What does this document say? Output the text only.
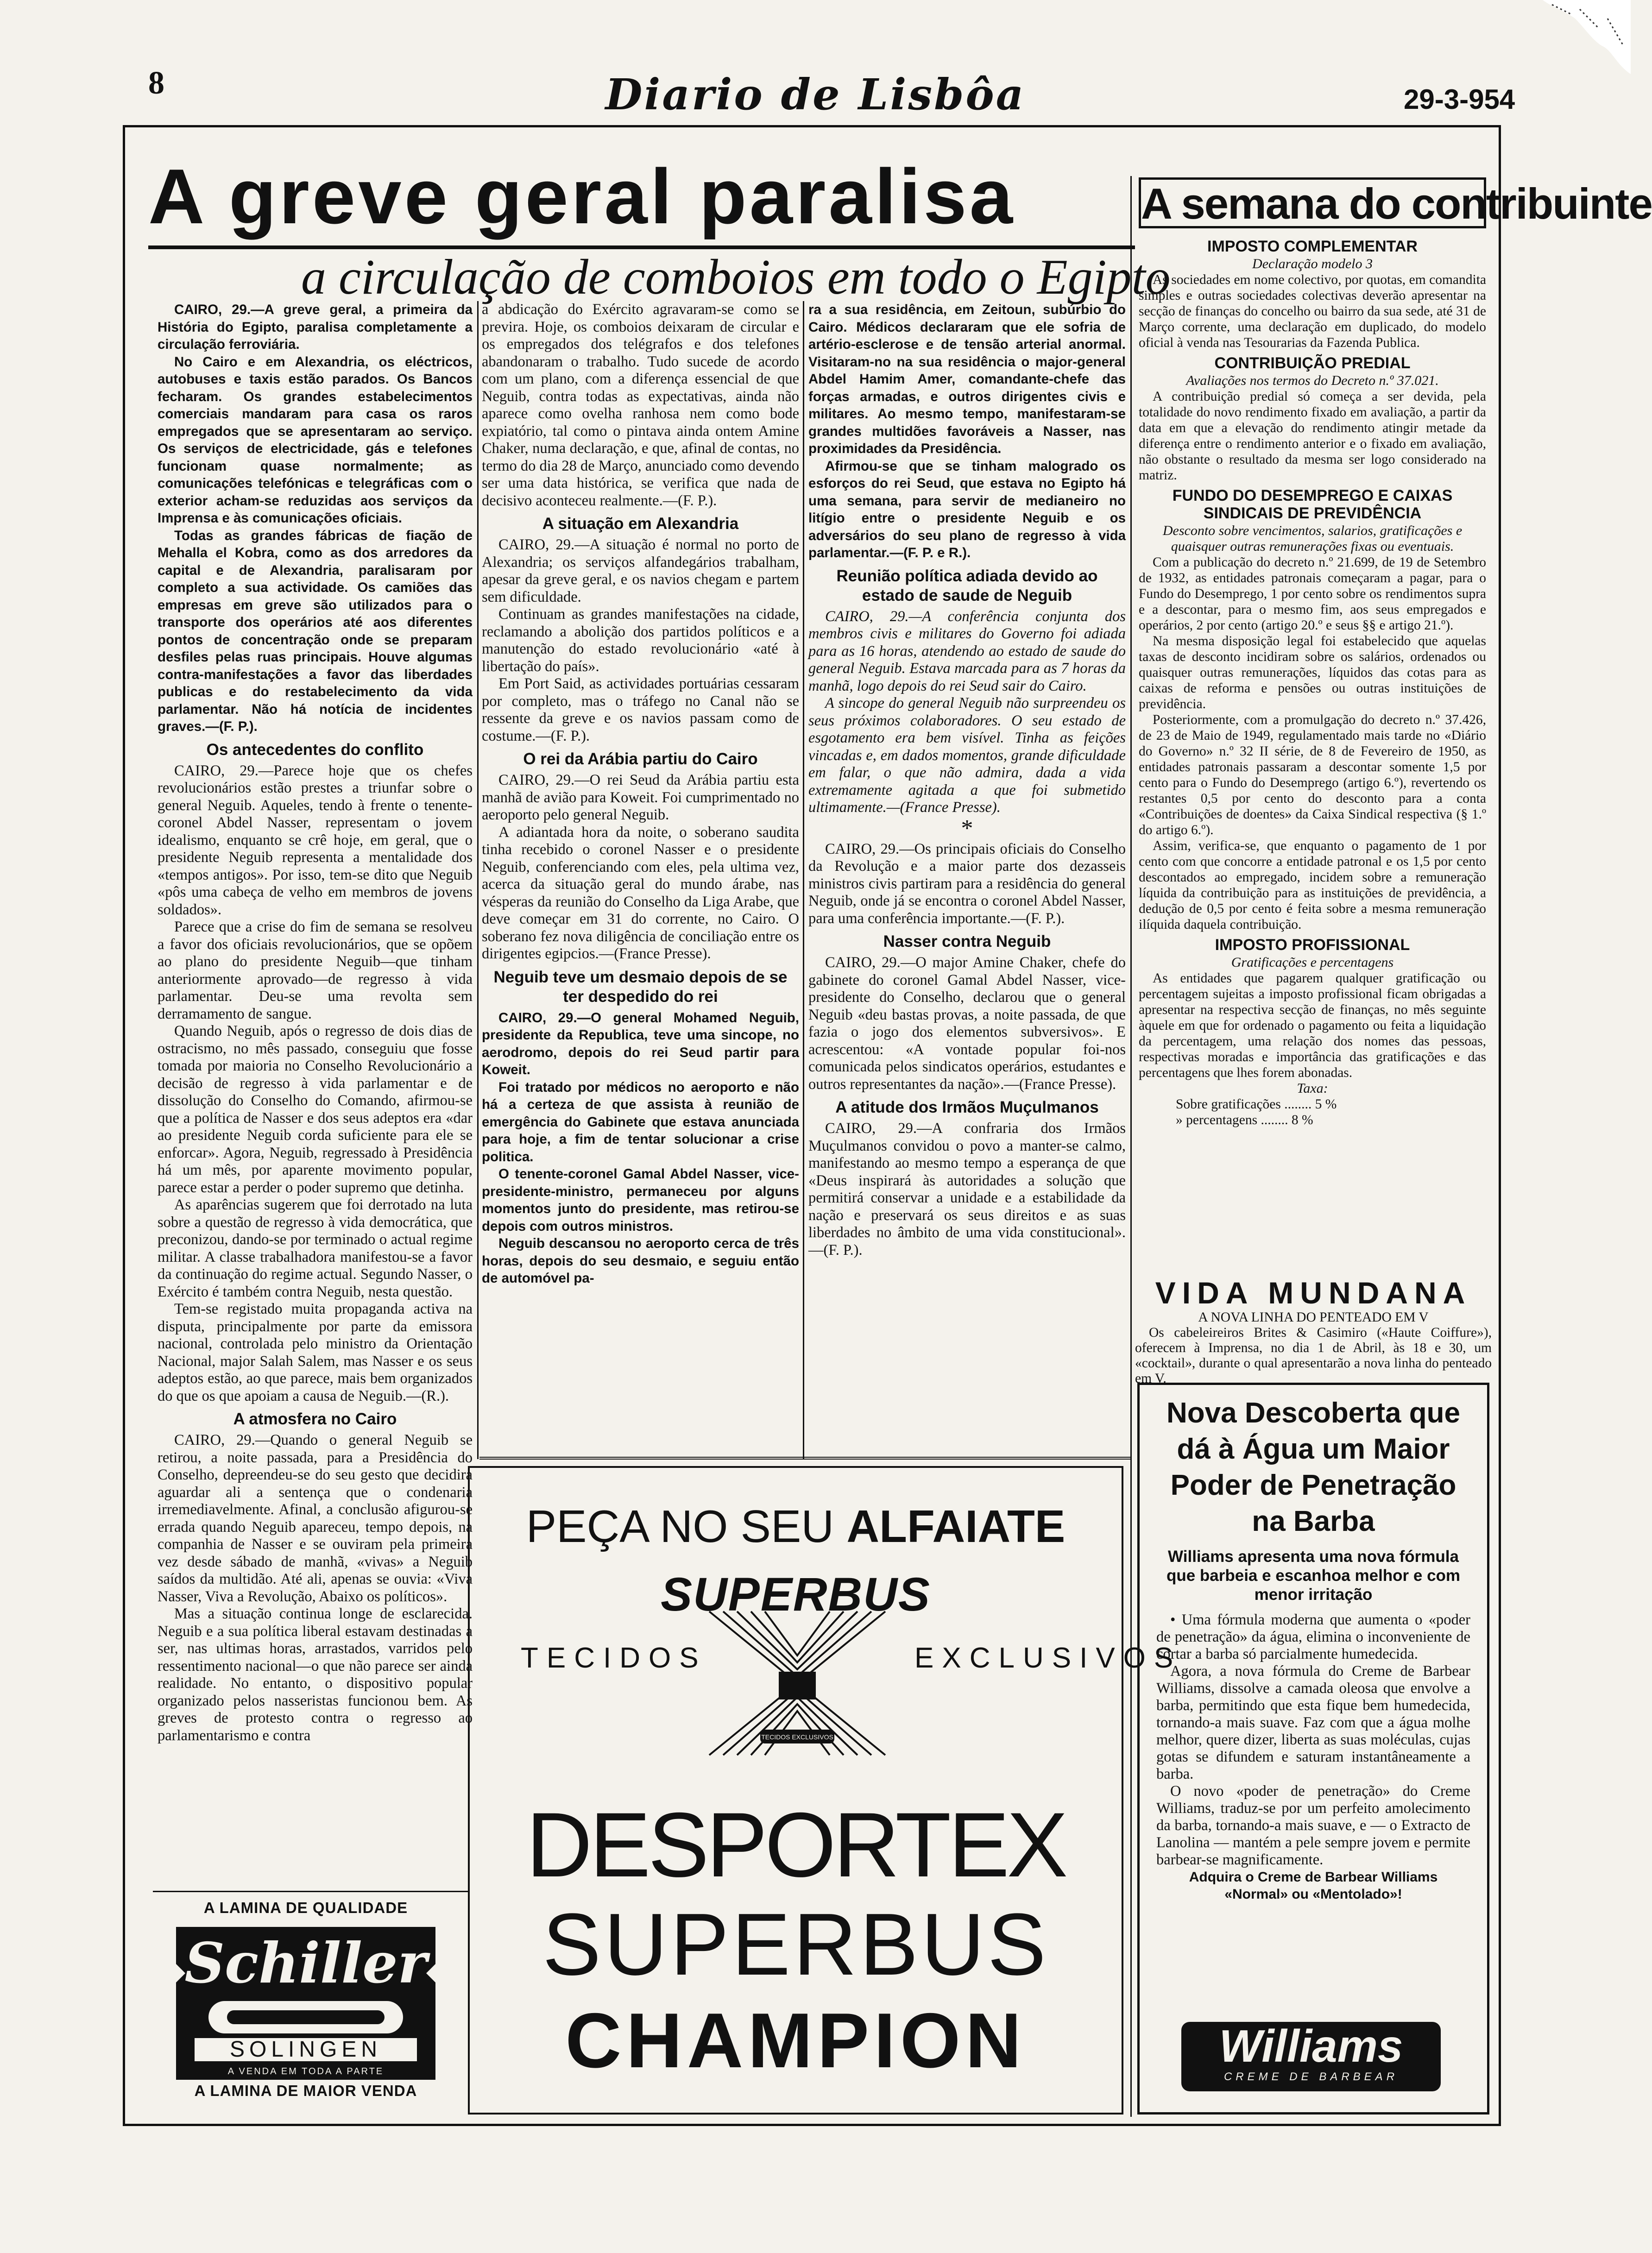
8	Diario de Lisbôa	29-3-954
A greve geral paralisa
a circulação de comboios em todo o Egipto

CAIRO, 29.—A greve geral, a primeira da História do Egipto, paralisa completamente a circulação ferroviária.

No Cairo e em Alexandria, os eléctricos, autobuses e taxis estão parados. Os Bancos fecharam. Os grandes estabelecimentos comerciais mandaram para casa os raros empregados que se apresentaram ao serviço. Os serviços de electricidade, gás e telefones funcionam quase normalmente; as comunicações telefónicas e telegráficas com o exterior acham-se reduzidas aos serviços da Imprensa e às comunicações oficiais.

Todas as grandes fábricas de fiação de Mehalla el Kobra, como as dos arredores da capital e de Alexandria, paralisaram por completo a sua actividade. Os camiões das empresas em greve são utilizados para o transporte dos operários até aos diferentes pontos de concentração onde se preparam desfiles pelas ruas principais. Houve algumas contra-manifestações a favor das liberdades publicas e do restabelecimento da vida parlamentar. Não há notícia de incidentes graves.—(F. P.).

Os antecedentes do conflito

CAIRO, 29.—Parece hoje que os chefes revolucionários estão prestes a triunfar sobre o general Neguib. Aqueles, tendo à frente o tenente-coronel Abdel Nasser, representam o jovem idealismo, enquanto se crê hoje, em geral, que o presidente Neguib representa a mentalidade dos «tempos antigos». Por isso, tem-se dito que Neguib «pôs uma cabeça de velho em membros de jovens soldados».

Parece que a crise do fim de semana se resolveu a favor dos oficiais revolucionários, que se opõem ao plano do presidente Neguib—que tinham anteriormente aprovado—de regresso à vida parlamentar. Deu-se uma revolta sem derramamento de sangue.

Quando Neguib, após o regresso de dois dias de ostracismo, no mês passado, conseguiu que fosse tomada por maioria no Conselho Revolucionário a decisão de regresso à vida parlamentar e de dissolução do Conselho do Comando, afirmou-se que a política de Nasser e dos seus adeptos era «dar ao presidente Neguib corda suficiente para ele se enforcar». Agora, Neguib, regressado à Presidência há um mês, por aparente movimento popular, parece estar a perder o poder supremo que detinha.

As aparências sugerem que foi derrotado na luta sobre a questão de regresso à vida democrática, que preconizou, dando-se por terminado o actual regime militar. A classe trabalhadora manifestou-se a favor da continuação do regime actual. Segundo Nasser, o Exército é também contra Neguib, nesta questão.

Tem-se registado muita propaganda activa na disputa, principalmente por parte da emissora nacional, controlada pelo ministro da Orientação Nacional, major Salah Salem, mas Nasser e os seus adeptos estão, ao que parece, mais bem organizados do que os que apoiam a causa de Neguib.—(R.).

A atmosfera no Cairo

CAIRO, 29.—Quando o general Neguib se retirou, a noite passada, para a Presidência do Conselho, depreendeu-se do seu gesto que decidira aguardar ali a sentença que o condenaria irremediavelmente. Afinal, a conclusão afigurou-se errada quando Neguib apareceu, tempo depois, na companhia de Nasser e se ouviram pela primeira vez desde sábado de manhã, «vivas» a Neguib saídos da multidão. Até ali, apenas se ouvia: «Viva Nasser, Viva a Revolução, Abaixo os políticos».

Mas a situação continua longe de esclarecida. Neguib e a sua política liberal estavam destinadas a ser, nas ultimas horas, arrastados, varridos pelo ressentimento nacional—o que não parece ser ainda realidade. No entanto, o dispositivo popular organizado pelos nasseristas funcionou bem. As greves de protesto contra o regresso ao parlamentarismo e contra

a abdicação do Exército agravaram-se como se previra. Hoje, os comboios deixaram de circular e os empregados dos telégrafos e dos telefones abandonaram o trabalho. Tudo sucede de acordo com um plano, com a diferença essencial de que Neguib, contra todas as expectativas, ainda não aparece como ovelha ranhosa nem como bode expiatório, tal como o pintava ainda ontem Amine Chaker, numa declaração, e que, afinal de contas, no termo do dia 28 de Março, anunciado como devendo ser uma data histórica, se verifica que nada de decisivo aconteceu realmente.—(F. P.).

A situação em Alexandria

CAIRO, 29.—A situação é normal no porto de Alexandria; os serviços alfandegários trabalham, apesar da greve geral, e os navios chegam e partem sem dificuldade.

Continuam as grandes manifestações na cidade, reclamando a abolição dos partidos políticos e a manutenção do estado revolucionário «até à libertação do país».

Em Port Said, as actividades portuárias cessaram por completo, mas o tráfego no Canal não se ressente da greve e os navios passam como de costume.—(F. P.).

O rei da Arábia partiu do Cairo

CAIRO, 29.—O rei Seud da Arábia partiu esta manhã de avião para Koweit. Foi cumprimentado no aeroporto pelo general Neguib.

A adiantada hora da noite, o soberano saudita tinha recebido o coronel Nasser e o presidente Neguib, conferenciando com eles, pela ultima vez, acerca da situação geral do mundo árabe, nas vésperas da reunião do Conselho da Liga Arabe, que deve começar em 31 do corrente, no Cairo. O soberano fez nova diligência de conciliação entre os dirigentes egipcios.—(France Presse).

Neguib teve um desmaio depois de se ter despedido do rei

CAIRO, 29.—O general Mohamed Neguib, presidente da Republica, teve uma sincope, no aerodromo, depois do rei Seud partir para Koweit.

Foi tratado por médicos no aeroporto e não há a certeza de que assista à reunião de emergência do Gabinete que estava anunciada para hoje, a fim de tentar solucionar a crise politica.

O tenente-coronel Gamal Abdel Nasser, vice-presidente-ministro, permaneceu por alguns momentos junto do presidente, mas retirou-se depois com outros ministros.

Neguib descansou no aeroporto cerca de três horas, depois do seu desmaio, e seguiu então de automóvel pa-

ra a sua residência, em Zeitoun, subúrbio do Cairo. Médicos declararam que ele sofria de artério-esclerose e de tensão arterial anormal. Visitaram-no na sua residência o major-general Abdel Hamim Amer, comandante-chefe das forças armadas, e outros dirigentes civis e militares. Ao mesmo tempo, manifestaram-se grandes multidões favoráveis a Nasser, nas proximidades da Presidência.

Afirmou-se que se tinham malogrado os esforços do rei Seud, que estava no Egipto há uma semana, para servir de medianeiro no litígio entre o presidente Neguib e os adversários do seu plano de regresso à vida parlamentar.—(F. P. e R.).

Reunião política adiada devido ao estado de saude de Neguib

CAIRO, 29.—A conferência conjunta dos membros civis e militares do Governo foi adiada para as 16 horas, atendendo ao estado de saude do general Neguib. Estava marcada para as 7 horas da manhã, logo depois do rei Seud sair do Cairo.

A sincope do general Neguib não surpreendeu os seus próximos colaboradores. O seu estado de esgotamento era bem visível. Tinha as feições vincadas e, em dados momentos, grande dificuldade em falar, o que não admira, dada a vida extremamente agitada a que foi submetido ultimamente.—(France Presse).

*

CAIRO, 29.—Os principais oficiais do Conselho da Revolução e a maior parte dos dezasseis ministros civis partiram para a residência do general Neguib, onde já se encontra o coronel Abdel Nasser, para uma conferência importante.—(F. P.).

Nasser contra Neguib

CAIRO, 29.—O major Amine Chaker, chefe do gabinete do coronel Gamal Abdel Nasser, vice-presidente do Conselho, declarou que o general Neguib «deu bastas provas, a noite passada, de que fazia o jogo dos elementos subversivos». E acrescentou: «A vontade popular foi-nos comunicada pelos sindicatos operários, estudantes e outros representantes da nação».—(France Presse).

A atitude dos Irmãos Muçulmanos

CAIRO, 29.—A confraria dos Irmãos Muçulmanos convidou o povo a manter-se calmo, manifestando ao mesmo tempo a esperança de que «Deus inspirará às autoridades a solução que permitirá conservar a unidade e a estabilidade da nação e preservará os seus direitos e as suas liberdades no âmbito de uma vida constitucional».—(F. P.).

A semana do contribuinte
IMPOSTO COMPLEMENTAR

Declaração modelo 3

As sociedades em nome colectivo, por quotas, em comandita simples e outras sociedades colectivas deverão apresentar na secção de finanças do concelho ou bairro da sua sede, até 31 de Março corrente, uma declaração em duplicado, do modelo oficial à venda nas Tesourarias da Fazenda Publica.

CONTRIBUIÇÃO PREDIAL

Avaliações nos termos do Decreto n.º 37.021.

A contribuição predial só começa a ser devida, pela totalidade do novo rendimento fixado em avaliação, a partir da data em que a elevação do rendimento atingir metade da diferença entre o rendimento anterior e o fixado em avaliação, não obstante o resultado da mesma ser logo considerado na matriz.

FUNDO DO DESEMPREGO E CAIXAS SINDICAIS DE PREVIDÊNCIA

Desconto sobre vencimentos, salarios, gratificações e quaisquer outras remunerações fixas ou eventuais.

Com a publicação do decreto n.º 21.699, de 19 de Setembro de 1932, as entidades patronais começaram a pagar, para o Fundo do Desemprego, 1 por cento sobre os rendimentos supra e a descontar, para o mesmo fim, aos seus empregados e operários, 2 por cento (artigo 20.º e seus §§ e artigo 21.º).

Na mesma disposição legal foi estabelecido que aquelas taxas de desconto incidiram sobre os salários, ordenados ou quaisquer outras remunerações, líquidos das cotas para as caixas de reforma e pensões ou outras instituições de previdência.

Posteriormente, com a promulgação do decreto n.º 37.426, de 23 de Maio de 1949, regulamentado mais tarde no «Diário do Governo» n.º 32 II série, de 8 de Fevereiro de 1950, as entidades patronais passaram a descontar somente 1,5 por cento para o Fundo do Desemprego (artigo 6.º), revertendo os restantes 0,5 por cento do desconto para a conta «Contribuições de doentes» da Caixa Sindical respectiva (§ 1.º do artigo 6.º).

Assim, verifica-se, que enquanto o pagamento de 1 por cento com que concorre a entidade patronal e os 1,5 por cento descontados ao empregado, incidem sobre a remuneração líquida da contribuição para as instituições de previdência, a dedução de 0,5 por cento é feita sobre a mesma remuneração ilíquida daquela contribuição.

IMPOSTO PROFISSIONAL

Gratificações e percentagens

As entidades que pagarem qualquer gratificação ou percentagem sujeitas a imposto profissional ficam obrigadas a apresentar na respectiva secção de finanças, no mês seguinte àquele em que for ordenado o pagamento ou feita a liquidação da percentagem, uma relação dos nomes das pessoas, respectivas moradas e importância das gratificações e das percentagens que lhes forem abonadas.

Taxa:

Sobre gratificações ........ 5 %

» percentagens ........ 8 %

VIDA MUNDANA

A NOVA LINHA DO PENTEADO EM V

Os cabeleireiros Brites & Casimiro («Haute Coiffure»), oferecem à Imprensa, no dia 1 de Abril, às 18 e 30, um «cocktail», durante o qual apresentarão a nova linha do penteado em V.

Nova Descoberta que dá à Água um Maior Poder de Penetração na Barba
Williams apresenta uma nova fórmula que barbeia e escanhoa melhor e com menor irritação

• Uma fórmula moderna que aumenta o «poder de penetração» da água, elimina o inconveniente de cortar a barba só parcialmente humedecida.

Agora, a nova fórmula do Creme de Barbear Williams, dissolve a camada oleosa que envolve a barba, permitindo que esta fique bem humedecida, tornando-a mais suave. Faz com que a água molhe melhor, quere dizer, liberta as suas moléculas, cujas gotas se difundem e saturam instantâneamente a barba.

O novo «poder de penetração» do Creme Williams, traduz-se por um perfeito amolecimento da barba, tornando-a mais suave, e — o Extracto de Lanolina — mantém a pele sempre jovem e permite barbear-se magnificamente.

Adquira o Creme de Barbear Williams «Normal» ou «Mentolado»!

Williams
CREME DE BARBEAR
PEÇA NO SEU ALFAIATE
SUPERBUS
TECIDOS	EXCLUSIVOS
TECIDOS EXCLUSIVOS
DESPORTEX
SUPERBUS
CHAMPION
A LAMINA DE QUALIDADE
Schiller
SOLINGEN
A VENDA EM TODA A PARTE
A LAMINA DE MAIOR VENDA
